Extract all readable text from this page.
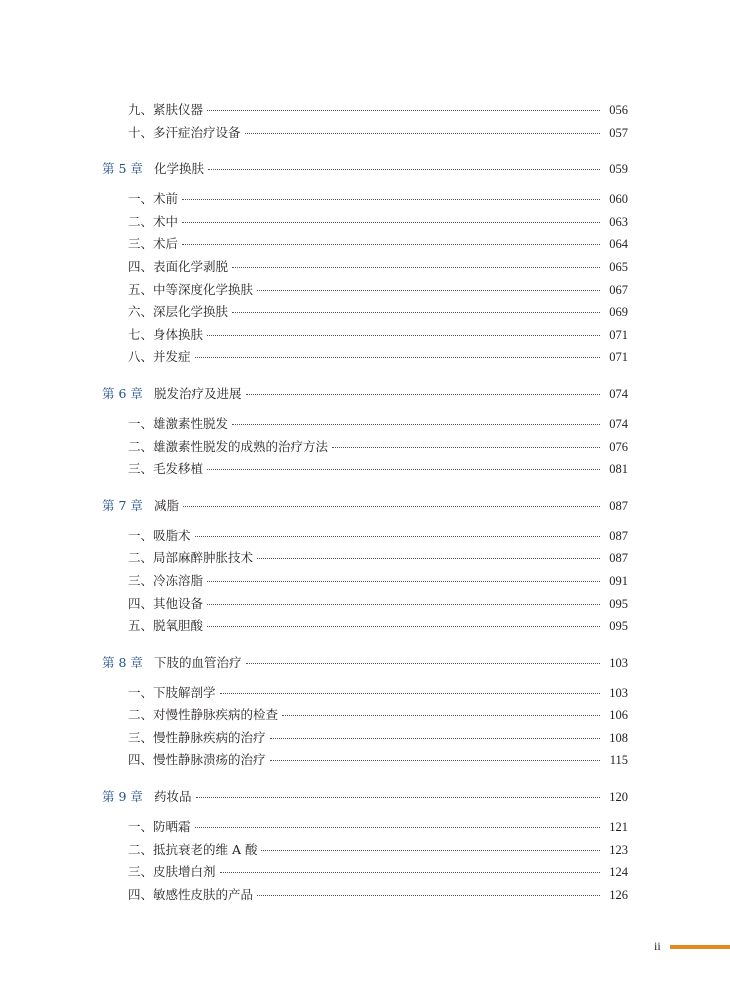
九、紧肤仪器	056
十、多汗症治疗设备	057
第 5 章 化学换肤	059
一、术前	060
二、术中	063
三、术后	064
四、表面化学剥脱	065
五、中等深度化学换肤	067
六、深层化学换肤	069
七、身体换肤	071
八、并发症	071
第 6 章 脱发治疗及进展	074
一、雄激素性脱发	074
二、雄激素性脱发的成熟的治疗方法	076
三、毛发移植	081
第 7 章 减脂	087
一、吸脂术	087
二、局部麻醉肿胀技术	087
三、冷冻溶脂	091
四、其他设备	095
五、脱氧胆酸	095
第 8 章 下肢的血管治疗	103
一、下肢解剖学	103
二、对慢性静脉疾病的检查	106
三、慢性静脉疾病的治疗	108
四、慢性静脉溃疡的治疗	115
第 9 章 药妆品	120
一、防晒霜	121
二、抵抗衰老的维 A 酸	123
三、皮肤增白剂	124
四、敏感性皮肤的产品	126
ii
